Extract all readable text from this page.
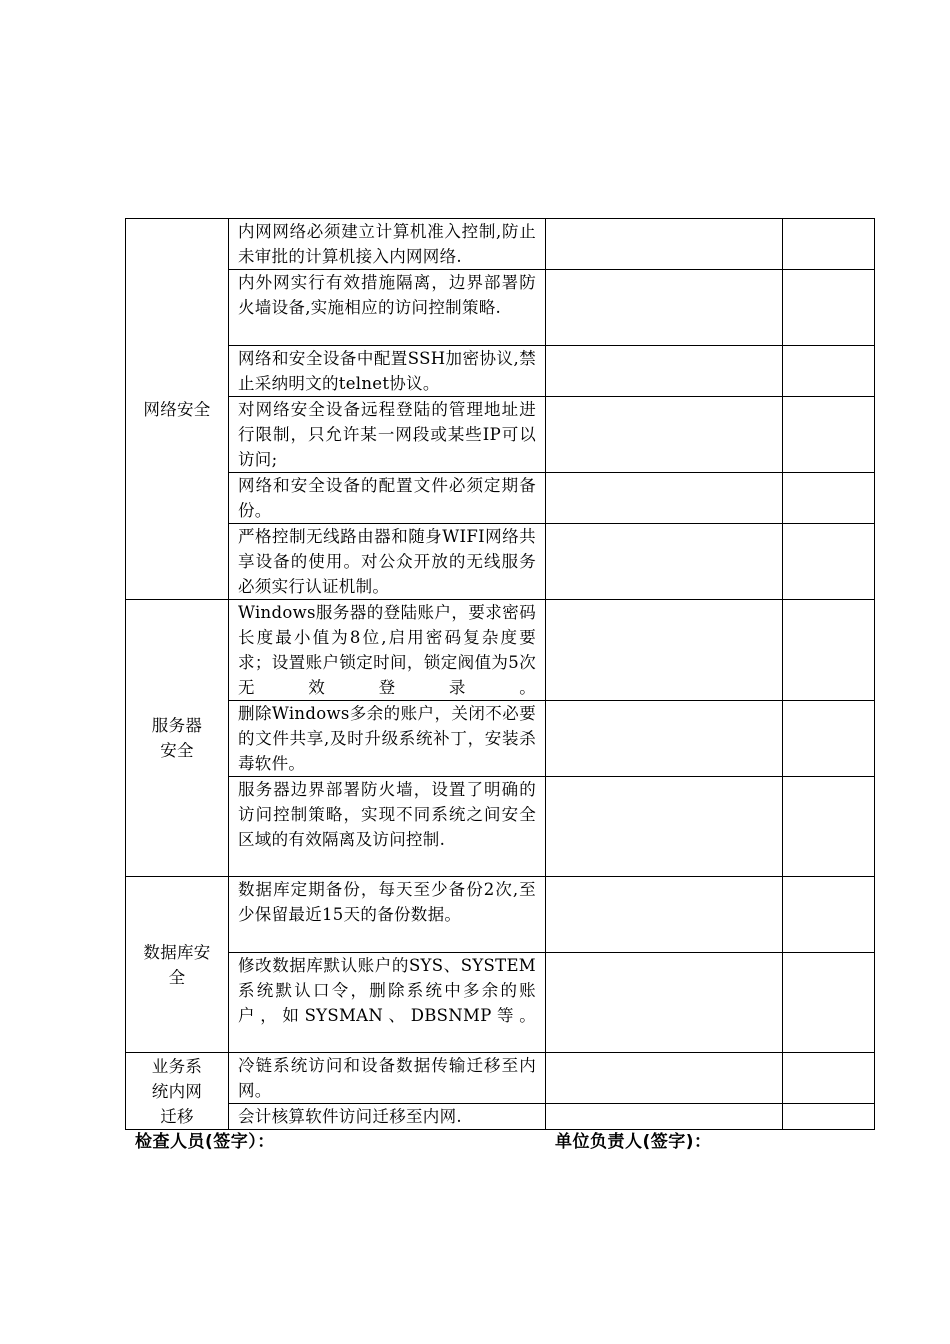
网络安全	内网网络必须建立计算机准入控制,防止未审批的计算机接入内网网络.		
	内外网实行有效措施隔离，边界部署防火墙设备,实施相应的访问控制策略.		
	网络和安全设备中配置SSH加密协议,禁止采纳明文的telnet协议。		
	对网络安全设备远程登陆的管理地址进行限制，只允许某一网段或某些IP可以访问;		
	网络和安全设备的配置文件必须定期备份。		
	严格控制无线路由器和随身WIFI网络共享设备的使用。对公众开放的无线服务必须实行认证机制。		

服务器安全	Windows服务器的登陆账户，要求密码长度最小值为8位,启用密码复杂度要求；设置账户锁定时间，锁定阀值为5次无效登录。		
	删除Windows多余的账户，关闭不必要的文件共享,及时升级系统补丁，安装杀毒软件。		
	服务器边界部署防火墙，设置了明确的访问控制策略，实现不同系统之间安全区域的有效隔离及访问控制.		

数据库安全	数据库定期备份，每天至少备份2次,至少保留最近15天的备份数据。		
	修改数据库默认账户的SYS、SYSTEM系统默认口令，删除系统中多余的账户，如SYSMAN、DBSNMP等。		

业务系统内网迁移	冷链系统访问和设备数据传输迁移至内网。		
	会计核算软件访问迁移至内网.		
检查人员(签字）：	单位负责人(签字)：
